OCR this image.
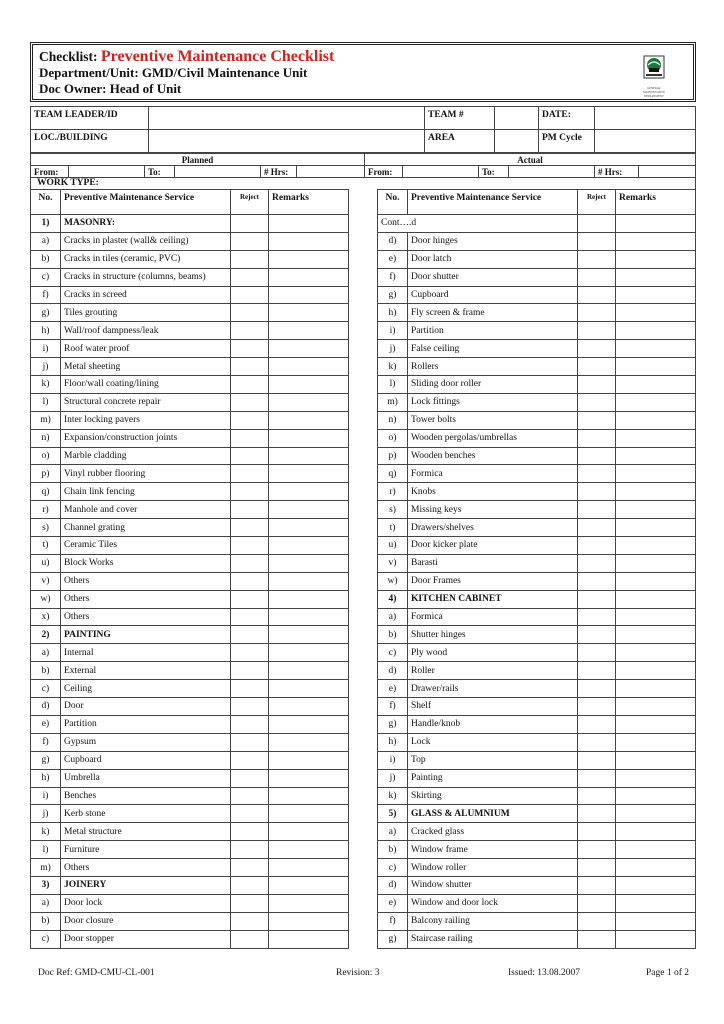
Checklist: Preventive Maintenance Checklist
Department/Unit: GMD/Civil Maintenance Unit
Doc Owner: Head of Unit	GENERAL MAINTENANCE DEPARTMENT
TEAM LEADER/ID		TEAM #		DATE:	
LOC./BUILDING		AREA		PM Cycle	
Planned						Actual					
From:		To:		# Hrs:		From:		To:		# Hrs:	
WORK TYPE:
No.	Preventive Maintenance Service	Reject	Remarks
1)	MASONRY:		
a)	Cracks in plaster (wall& ceiling)		
b)	Cracks in tiles (ceramic, PVC)		
c)	Cracks in structure (columns, beams)		
f)	Cracks in screed		
g)	Tiles grouting		
h)	Wall/roof dampness/leak		
i)	Roof water proof		
j)	Metal sheeting		
k)	Floor/wall coating/lining		
l)	Structural concrete repair		
m)	Inter locking pavers		
n)	Expansion/construction joints		
o)	Marble cladding		
p)	Vinyl rubber flooring		
q)	Chain link fencing		
r)	Manhole and cover		
s)	Channel grating		
t)	Ceramic Tiles		
u)	Block Works		
v)	Others		
w)	Others		
x)	Others		
2)	PAINTING		
a)	Internal		
b)	External		
c)	Ceiling		
d)	Door		
e)	Partition		
f)	Gypsum		
g)	Cupboard		
h)	Umbrella		
i)	Benches		
j)	Kerb stone		
k)	Metal structure		
l)	Furniture		
m)	Others		
3)	JOINERY		
a)	Door lock		
b)	Door closure		
c)	Door stopper		
No.	Preventive Maintenance Service	Reject	Remarks
Cont….d			
d)	Door hinges		
e)	Door latch		
f)	Door shutter		
g)	Cupboard		
h)	Fly screen & frame		
i)	Partition		
j)	False ceiling		
k)	Rollers		
l)	Sliding door roller		
m)	Lock fittings		
n)	Tower bolts		
o)	Wooden pergolas/umbrellas		
p)	Wooden benches		
q)	Formica		
r)	Knobs		
s)	Missing keys		
t)	Drawers/shelves		
u)	Door kicker plate		
v)	Barasti		
w)	Door Frames		
4)	KITCHEN CABINET		
a)	Formica		
b)	Shutter hinges		
c)	Ply wood		
d)	Roller		
e)	Drawer/rails		
f)	Shelf		
g)	Handle/knob		
h)	Lock		
i)	Top		
j)	Painting		
k)	Skirting		
5)	GLASS & ALUMNIUM		
a)	Cracked glass		
b)	Window frame		
c)	Window roller		
d)	Window shutter		
e)	Window and door lock		
f)	Balcony railing		
g)	Staircase railing		
Doc Ref: GMD-CMU-CL-001	Revision: 3	Issued: 13.08.2007	Page 1 of 2
